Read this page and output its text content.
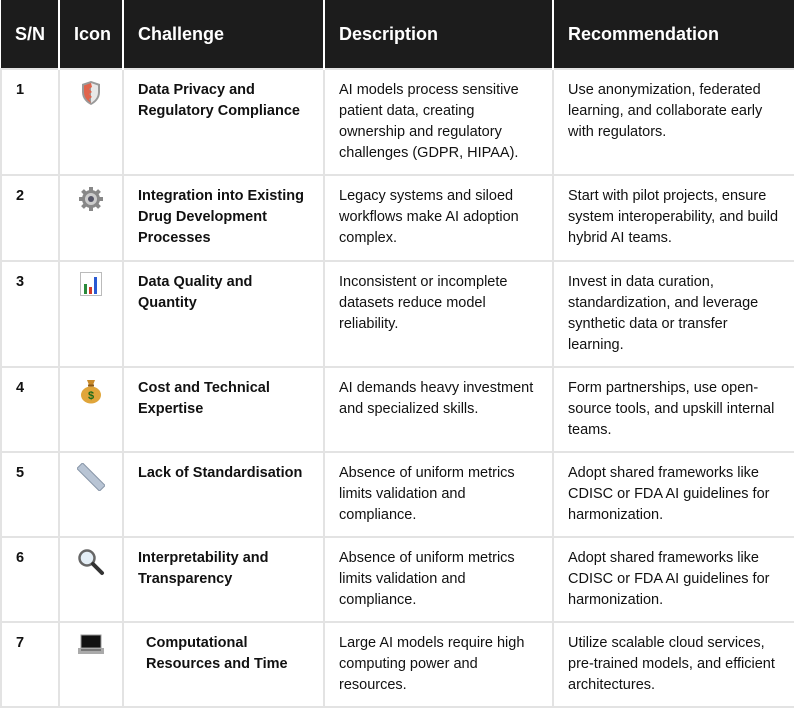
S/N	Icon	Challenge	Description	Recommendation
1		Data Privacy and Regulatory Compliance	AI models process sensitive patient data, creating ownership and regulatory challenges (GDPR, HIPAA).	Use anonymization, federated learning, and collaborate early with regulators.
2		Integration into Existing Drug Development Processes	Legacy systems and siloed workflows make AI adoption complex.	Start with pilot projects, ensure system interoperability, and build hybrid AI teams.
3		Data Quality and Quantity	Inconsistent or incomplete datasets reduce model reliability.	Invest in data curation, standardization, and leverage synthetic data or transfer learning.
4	$	Cost and Technical Expertise	AI demands heavy investment and specialized skills.	Form partnerships, use open-source tools, and upskill internal teams.
5		Lack of Standardisation	Absence of uniform metrics limits validation and compliance.	Adopt shared frameworks like CDISC or FDA AI guidelines for harmonization.
6		Interpretability and Transparency	Absence of uniform metrics limits validation and compliance.	Adopt shared frameworks like CDISC or FDA AI guidelines for harmonization.
7		Computational Resources and Time	Large AI models require high computing power and resources.	Utilize scalable cloud services, pre-trained models, and efficient architectures.
